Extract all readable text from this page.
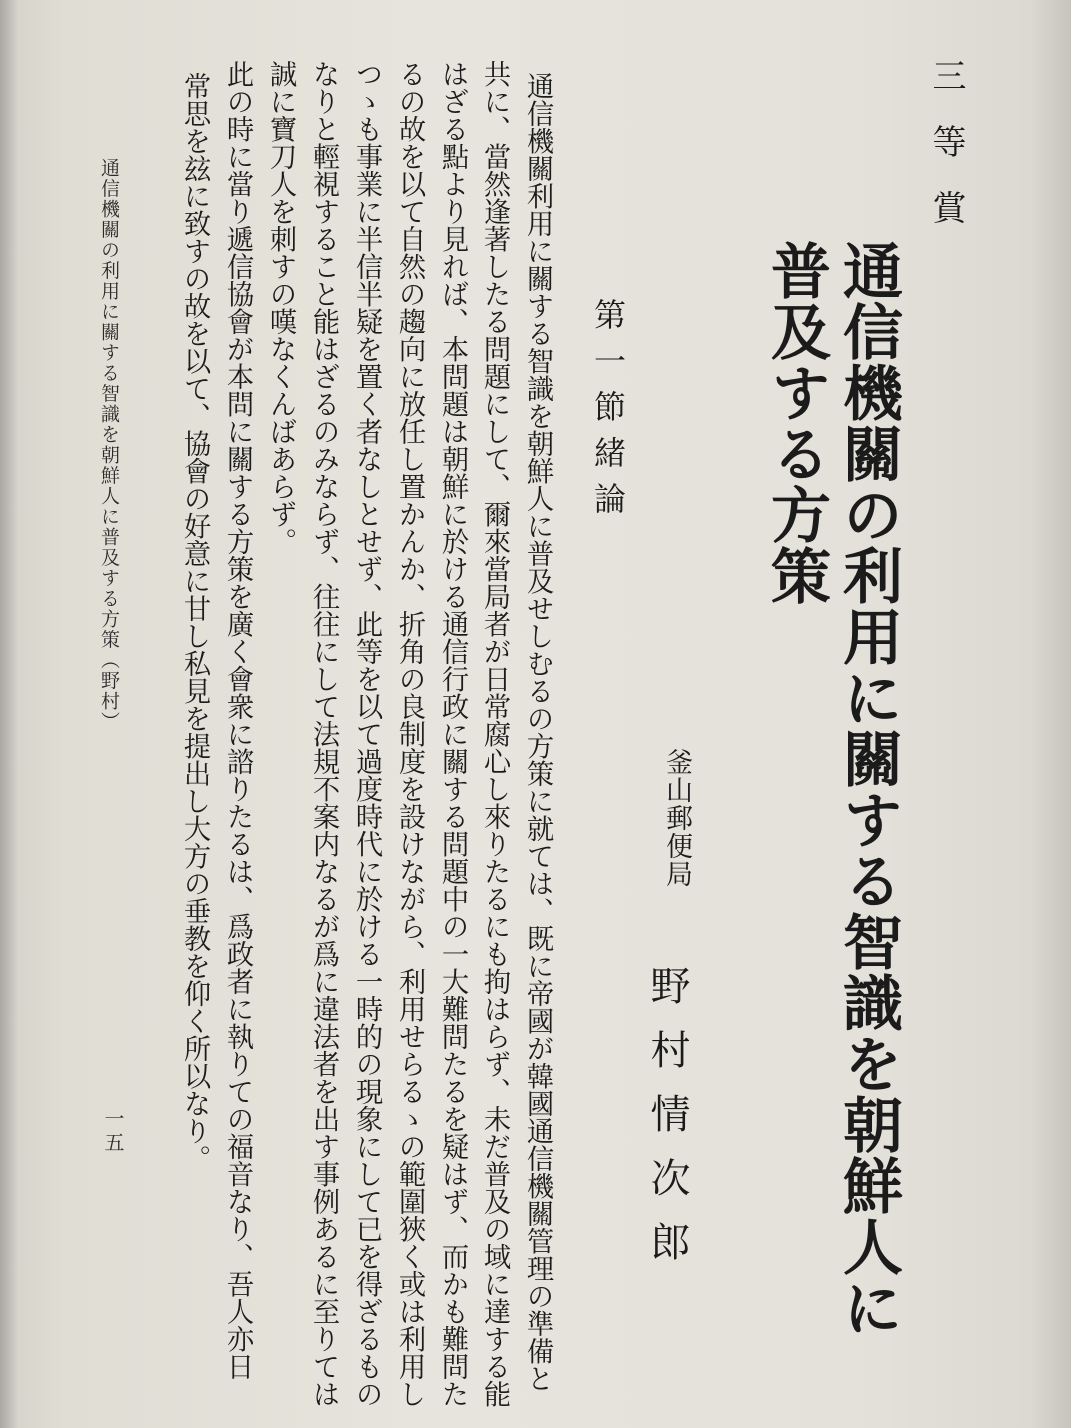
三等賞
通信機關の利用に關する智識を朝鮮人に
普及する方策
釜山郵便局
野村情次郎
第一節緒論
通信機關利用に關する智識を朝鮮人に普及せしむるの方策に就ては、既に帝國が韓國通信機關管理の準備と
共に、當然逢著したる問題にして、爾來當局者が日常腐心し來りたるにも拘はらず、未だ普及の域に達する能
はざる點より見れば、本問題は朝鮮に於ける通信行政に關する問題中の一大難問たるを疑はず、而かも難問た
るの故を以て自然の趨向に放任し置かんか、折角の良制度を設けながら、利用せらるゝの範圍狹く或は利用し
つゝも事業に半信半疑を置く者なしとせず、此等を以て過度時代に於ける一時的の現象にして已を得ざるもの
なりと輕視すること能はざるのみならず、往往にして法規不案内なるが爲に違法者を出す事例あるに至りては
誠に寶刀人を刺すの嘆なくんばあらず。
此の時に當り遞信協會が本問に關する方策を廣く會衆に諮りたるは、爲政者に執りての福音なり、吾人亦日
常思を玆に致すの故を以て、協會の好意に甘し私見を提出し大方の垂教を仰く所以なり。
通信機關の利用に關する智識を朝鮮人に普及する方策（野村）
一五
